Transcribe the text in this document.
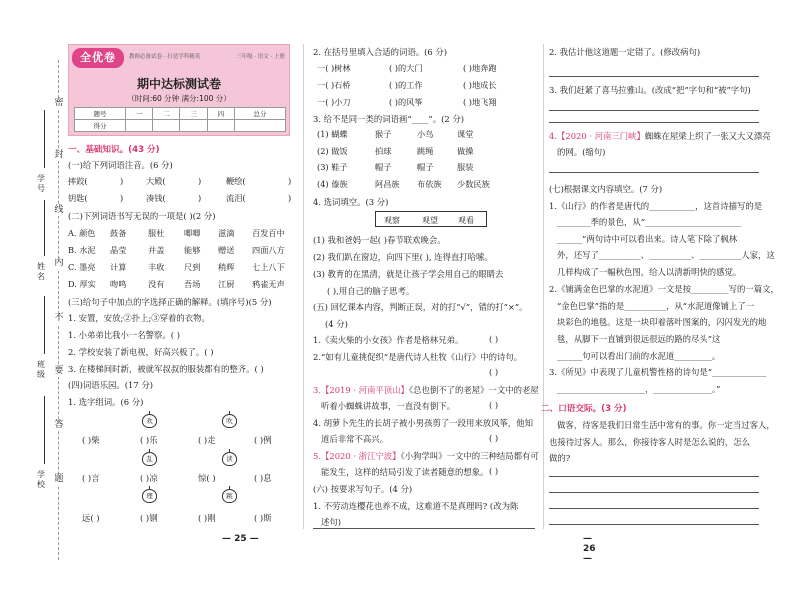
密
封
线
内
不
要
答
题
学号
姓名
班级
学校
全优卷	教师必备试卷 · 打造学科精英	三年级 · 语文 · 上册
期中达标测试卷
（时间:60 分钟 满分:100 分）
题号	一	二	三	四	总分
得分					
一、基础知识。(43 分)
(一)给下列词语注音。(6 分)
摔跤(	)	大殿(	)	鞭绘(	)
钥匙(	)	凑钱(	)	流泪(	)
(二)下列词语书写无误的一项是( )(2 分)
A. 颜色 鼓备	服杜 唧唧 滋滴 百发百中
B. 水泥 晶莹	并盖 能够 赠送 四面八方
C. 墨亮 计算	丰收 尺到 稍辉 七上八下
D. 厚实 吻鸣	没有 吾场 江厨 鸦雀无声
(三)给句子中加点的字选择正确的解释。(填序号)(5 分)
1. 安置，安放;②扑上;③穿着的衣物。
1. 小弟弟比我小一名警察。( )
2. 学校安装了新电视，好高兴板了。( )
3. 在楼梯间时新，被就军叔叔的服装都有的整齐。( )
(四)词语乐园。(17 分)
1. 选字组词。(6 分)
欢	吹
乱	读
理	跳
( )柴	( )乐	( )走	( )例
( )言	( )凉	惊( )	( )息
远( )	( )钢	( )刚	( )斯
— 25 —
2. 在括号里填入合适的词语。(6 分)
一( )树林	( )的大门	( )地奔跑
一( )石桥	( )的工作	( )地成长
一( )小刀	( )的风筝	( )地飞翔
3. 给不是同一类的词语画“____”。(2 分)
(1) 蝴蝶	猴子	小鸟	课堂
(2) 做饭	拍球	跳绳	做操
(3) 鞋子	帽子	帽子	服装
(4) 傣族	阿昌族 布依族 少数民族
4. 选词填空。(3 分)
观察	观望	观看
(1) 我和爸妈一起( )春节联欢晚会。
(2) 我们趴在窗边，向四下里( ), 连得直打哈嗦。
(3) 教育的在黑清，就是让孩子学会用自己的眼睛去
( ),用自己的脑子思考。
(五) 回忆课本内容，判断正误，对的打“√”，错的打“×”。
(4 分)
1.《卖火柴的小女孩》作者是格林兄弟。	( )
2.“如有儿童挑促织”是唐代诗人杜牧《山行》中的诗句。
( )
3.【2019 · 河南平顶山】《总也倒不了的老屋》一文中的老屋
听着小蜘蛛讲故事，一直没有倒下。	( )
4. 胡萝卜先生的长胡子被小男孩剪了一段用来放风筝，他知
道后非常不高兴。	( )
5.【2020 · 浙江宁波】《小狗学叫》一文中的三种结局都有可
能发生，这样的结局引发了读者随意的想象。 ( )
(六) 按要求写句子。(4 分)
1. 不劳动连樱花也养不成，这难道不是真理吗? (改为陈
述句)
— 26 —
2. 我估计他这道题一定错了。(修改病句)
3. 我们赶紧了喜马拉雅山。(改成“把”字句和“被”字句)
4.【2020 · 河南三门峡】蜘蛛在屋梁上织了一张又大又漂亮
的网。(缩句)
(七)根据课文内容填空。(7 分)
1.《山行》的作者是唐代的___________，这首诗描写的是
________季的景色，从“_______________________
______”两句诗中可以看出来。诗人笔下除了枫林
外，还写了__________、__________、__________人家，这
几样构成了一幅秋色图，给人以清新明快的感觉。
2.《铺满金色巴掌的水泥道》一文是按_________写的一篇文，
“金色巴掌”指的是__________，从“水泥道像铺上了一
块彩色的地毯。这是一块印着落叶图案的，闪闪发光的地
毯，从脚下一直铺到很远很远的路的尽头”这
______句可以看出门前的水泥道_________。
3.《所见》中表现了儿童机警性格的诗句是“_____________
_____________________，______________。”
二、口语交际。(3 分)
做客，待客是我们日常生活中常有的事。你一定当过客人，
也接待过客人。那么，你接待客人时是怎么说的，怎么
做的?
